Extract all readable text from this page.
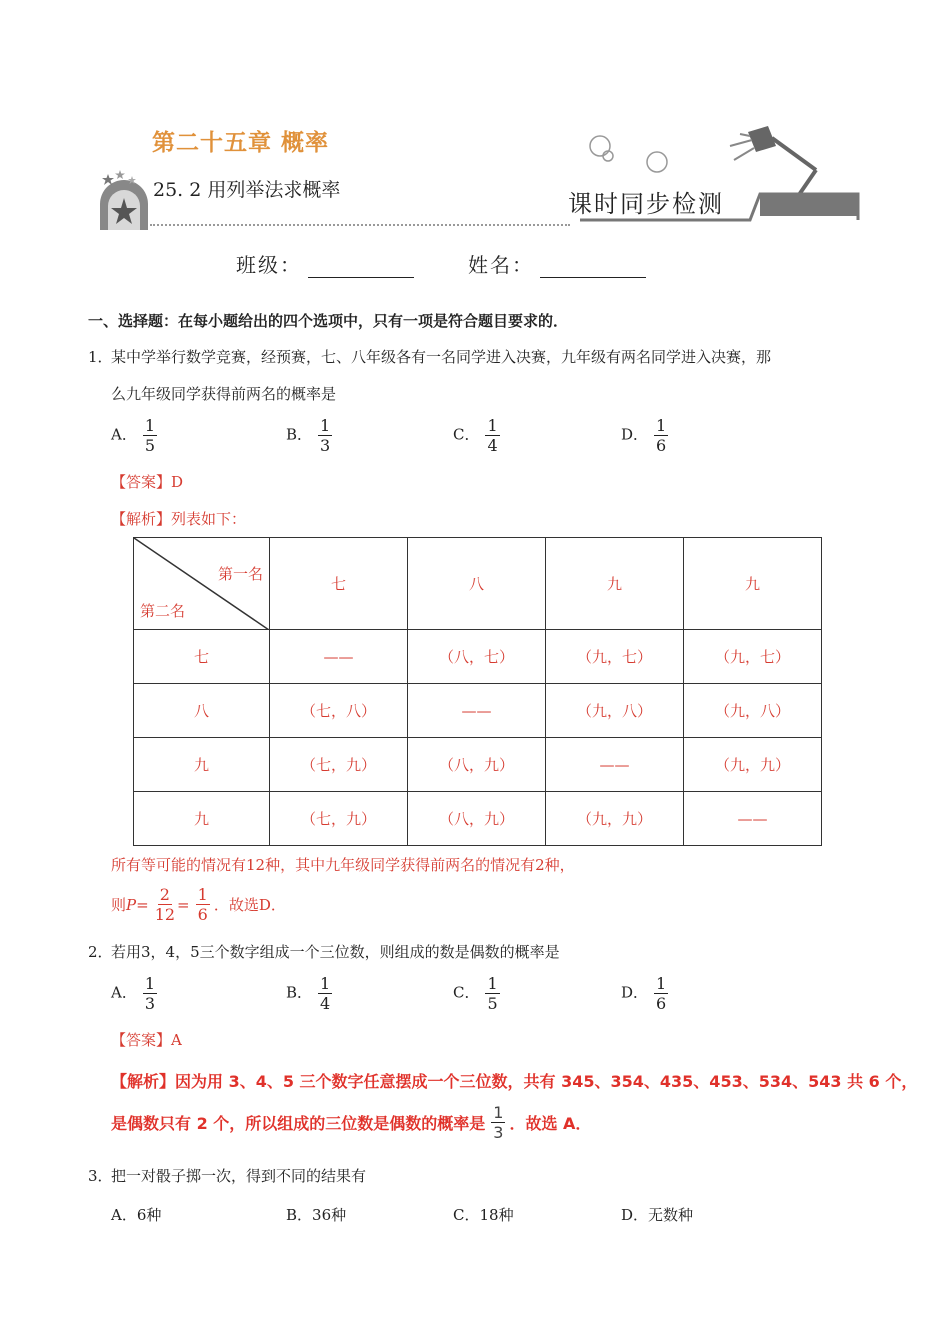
第二十五章 概率
25. 2 用列举法求概率	课时同步检测
班级：	姓名：
一、选择题：在每小题给出的四个选项中，只有一项是符合题目要求的．
1．
某中学举行数学竞赛，经预赛，七、八年级各有一名同学进入决赛，九年级有两名同学进入决赛，那
么九年级同学获得前两名的概率是
A． $\frac{1}{5}$	B． $\frac{1}{3}$	C． $\frac{1}{4}$	D． $\frac{1}{6}$
【答案】D
【解析】列表如下：
第一名
第二名	七	八	九	九
七	——	（八，七）	（九，七）	（九，七）
八	（七，八）	——	（九，八）	（九，八）
九	（七，九）	（八，九）	——	（九，九）
九	（七，九）	（八，九）	（九，九）	——
所有等可能的情况有12种，其中九年级同学获得前两名的情况有2种，
则 $P = \frac{2}{12} = \frac{1}{6}$ ．故选D．
2．
若用3，4，5三个数字组成一个三位数，则组成的数是偶数的概率是
A． $\frac{1}{3}$	B． $\frac{1}{4}$	C． $\frac{1}{5}$	D． $\frac{1}{6}$
【答案】A
【解析】因为用 3、4、5 三个数字任意摆成一个三位数，共有 345、354、435、453、534、543 共 6 个，
是偶数只有 2 个，所以组成的三位数是偶数的概率是 $\frac{1}{3}$ ．故选 A．
3．
把一对骰子掷一次，得到不同的结果有
A．6种	B．36种	C．18种	D．无数种
